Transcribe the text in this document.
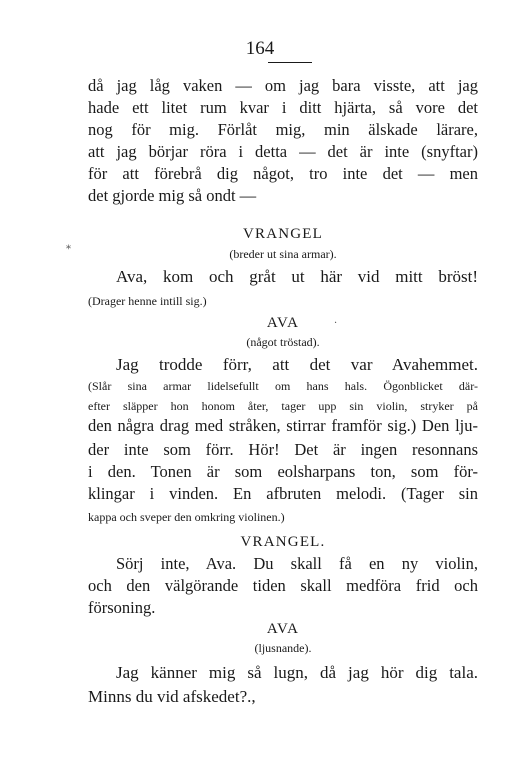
164
då jag låg vaken — om jag bara visste, att jag
hade ett litet rum kvar i ditt hjärta, så vore det
nog för mig. Förlåt mig, min älskade lärare,
att jag börjar röra i detta — det är inte (snyftar)
för att förebrå dig något, tro inte det — men
det gjorde mig så ondt —
VRANGEL
(breder ut sina armar).
*
Ava, kom och gråt ut här vid mitt bröst!
(Drager henne intill sig.)
AVA	·
(något tröstad).
Jag trodde förr, att det var Avahemmet.
(Slår sina armar lidelsefullt om hans hals. Ögonblicket där-
efter släpper hon honom åter, tager upp sin violin, stryker på
den några drag med stråken, stirrar framför sig.) Den lju-
der inte som förr. Hör! Det är ingen resonnans
i den. Tonen är som eolsharpans ton, som för-
klingar i vinden. En afbruten melodi. (Tager sin
kappa och sveper den omkring violinen.)
VRANGEL.
Sörj inte, Ava. Du skall få en ny violin,
och den välgörande tiden skall medföra frid och
försoning.
AVA
(ljusnande).
Jag känner mig så lugn, då jag hör dig tala.
Minns du vid afskedet?.,
